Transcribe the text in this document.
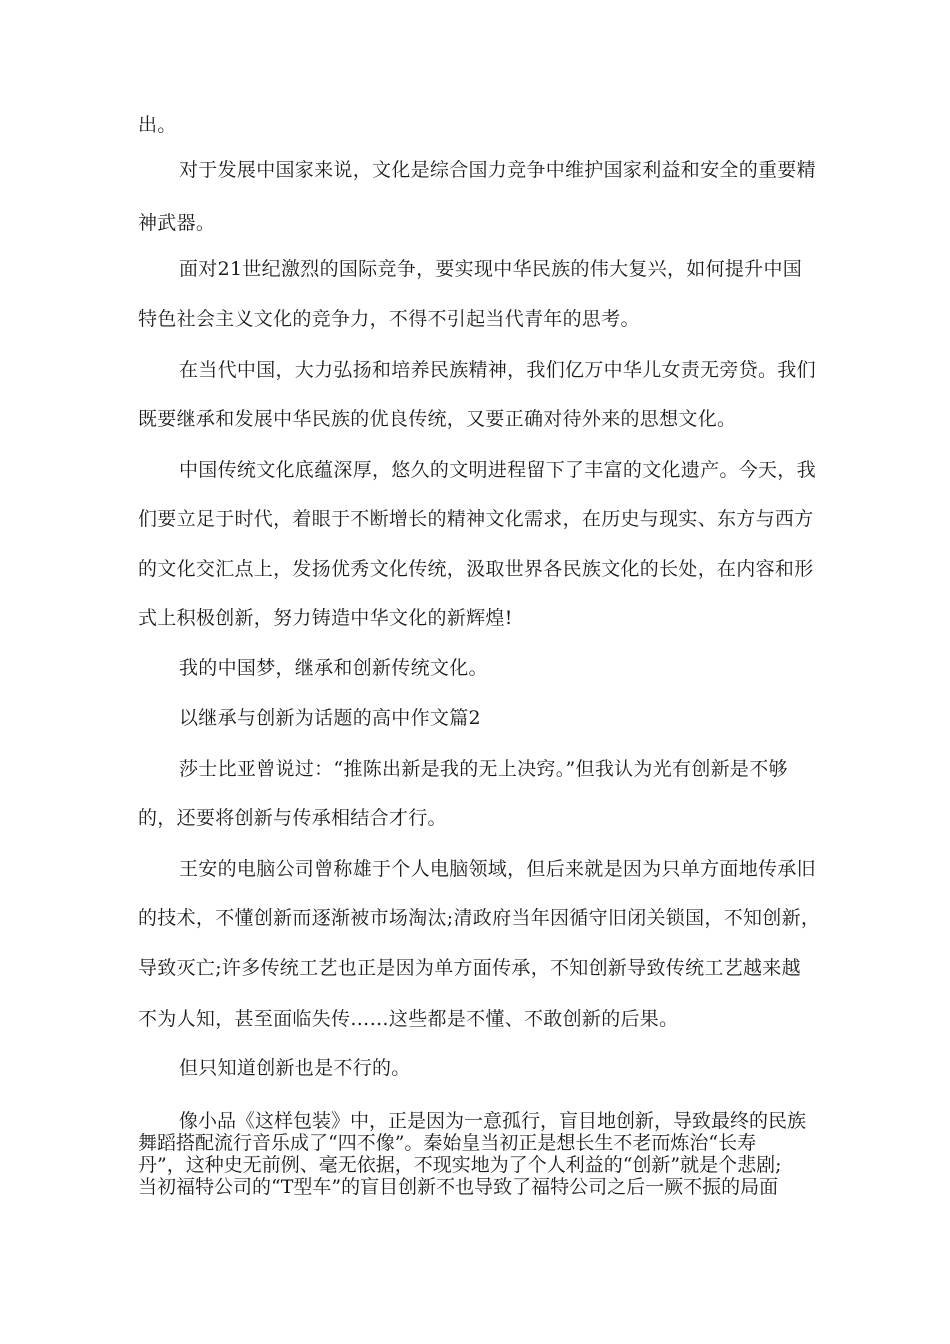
出。

对于发展中国家来说，文化是综合国力竞争中维护国家利益和安全的重要精

神武器。

面对21世纪激烈的国际竞争，要实现中华民族的伟大复兴，如何提升中国

特色社会主义文化的竞争力，不得不引起当代青年的思考。

在当代中国，大力弘扬和培养民族精神，我们亿万中华儿女责无旁贷。我们

既要继承和发展中华民族的优良传统，又要正确对待外来的思想文化。

中国传统文化底蕴深厚，悠久的文明进程留下了丰富的文化遗产。今天，我

们要立足于时代，着眼于不断增长的精神文化需求，在历史与现实、东方与西方

的文化交汇点上，发扬优秀文化传统，汲取世界各民族文化的长处，在内容和形

式上积极创新，努力铸造中华文化的新辉煌!

我的中国梦，继承和创新传统文化。

以继承与创新为话题的高中作文篇2

莎士比亚曾说过：“推陈出新是我的无上决窍。”但我认为光有创新是不够

的，还要将创新与传承相结合才行。

王安的电脑公司曾称雄于个人电脑领域，但后来就是因为只单方面地传承旧

的技术，不懂创新而逐渐被市场淘汰;清政府当年因循守旧闭关锁国，不知创新，

导致灭亡;许多传统工艺也正是因为单方面传承，不知创新导致传统工艺越来越

不为人知，甚至面临失传……这些都是不懂、不敢创新的后果。

但只知道创新也是不行的。

像小品《这样包装》中，正是因为一意孤行，盲目地创新，导致最终的民族
舞蹈搭配流行音乐成了“四不像”。秦始皇当初正是想长生不老而炼治“长寿
丹”，这种史无前例、毫无依据，不现实地为了个人利益的“创新”就是个悲剧;
当初福特公司的“T型车”的盲目创新不也导致了福特公司之后一厥不振的局面
